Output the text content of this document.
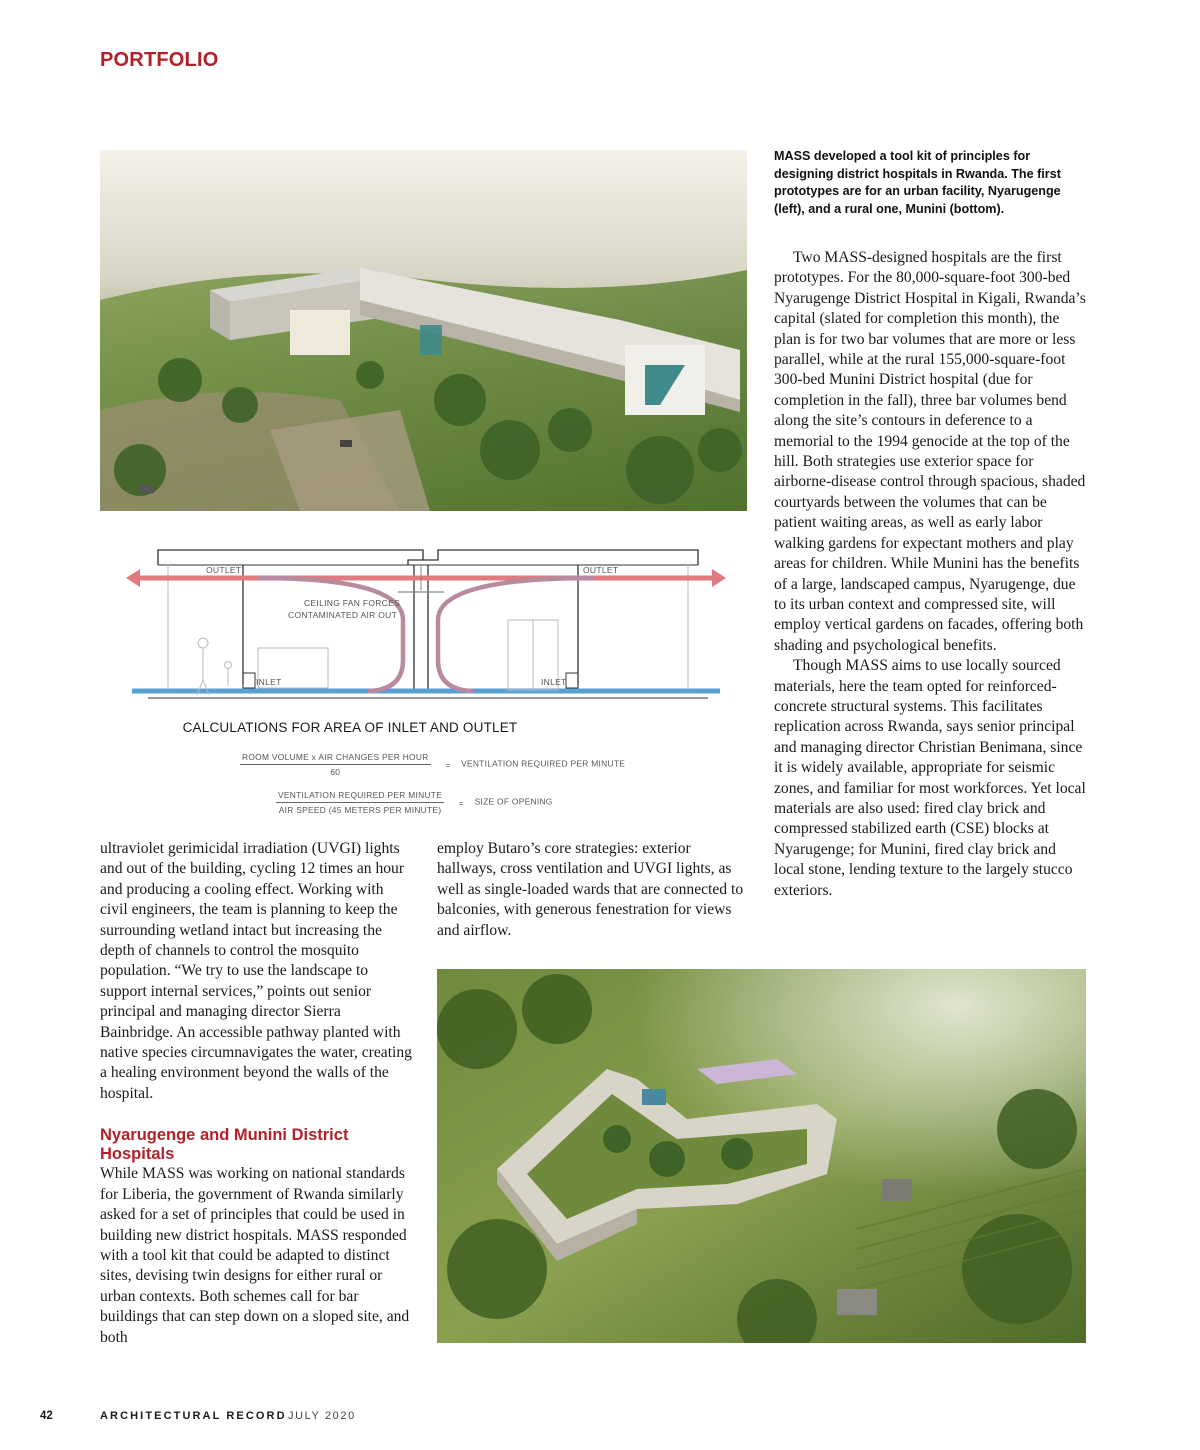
PORTFOLIO
MASS developed a tool kit of principles for designing district hospitals in Rwanda. The first prototypes are for an urban facility, Nyarugenge (left), and a rural one, Munini (bottom).

Two MASS-designed hospitals are the first prototypes. For the 80,000-square-foot 300-bed Nyarugenge District Hospital in Kigali, Rwanda’s capital (slated for completion this month), the plan is for two bar volumes that are more or less parallel, while at the rural 155,000-square-foot 300-bed Munini District hospital (due for completion in the fall), three bar volumes bend along the site’s contours in deference to a memorial to the 1994 genocide at the top of the hill. Both strategies use exterior space for airborne-disease control through spacious, shaded courtyards between the volumes that can be patient waiting areas, as well as early labor walking gardens for expectant mothers and play areas for children. While Munini has the benefits of a large, landscaped campus, Nyarugenge, due to its urban context and compressed site, will employ vertical gardens on facades, offering both shading and psychological benefits.

Though MASS aims to use locally sourced materials, here the team opted for reinforced-concrete structural systems. This facilitates replication across Rwanda, says senior principal and managing director Christian Benimana, since it is widely available, appropriate for seismic zones, and familiar for most workforces. Yet local materials are also used: fired clay brick and compressed stabilized earth (CSE) blocks at Nyarugenge; for Munini, fired clay brick and local stone, lending texture to the largely stucco exteriors.

OUTLET	OUTLET
INLET	INLET
CEILING FAN FORCES
CONTAMINATED AIR OUT
CALCULATIONS FOR AREA OF INLET AND OUTLET
$\frac{\text{ROOM VOLUME x AIR CHANGES PER HOUR}}{60}$ = VENTILATION REQUIRED PER MINUTE
$\frac{\text{VENTILATION REQUIRED PER MINUTE}}{\text{AIR SPEED (45 METERS PER MINUTE)}}$ = SIZE OF OPENING

ultraviolet gerimicidal irradiation (UVGI) lights and out of the building, cycling 12 times an hour and producing a cooling effect. Working with civil engineers, the team is planning to keep the surrounding wetland intact but increasing the depth of channels to control the mosquito population. “We try to use the landscape to support internal services,” points out senior principal and managing director Sierra Bainbridge. An accessible pathway planted with native species circumnavigates the water, creating a healing environment beyond the walls of the hospital.

Nyarugenge and Munini District Hospitals

While MASS was working on national standards for Liberia, the government of Rwanda similarly asked for a set of principles that could be used in building new district hospitals. MASS responded with a tool kit that could be adapted to distinct sites, devising twin designs for either rural or urban contexts. Both schemes call for bar buildings that can step down on a sloped site, and both

employ Butaro’s core strategies: exterior hallways, cross ventilation and UVGI lights, as well as single-loaded wards that are connected to balconies, with generous fenestration for views and airflow.

42	ARCHITECTURAL RECORD JULY 2020
